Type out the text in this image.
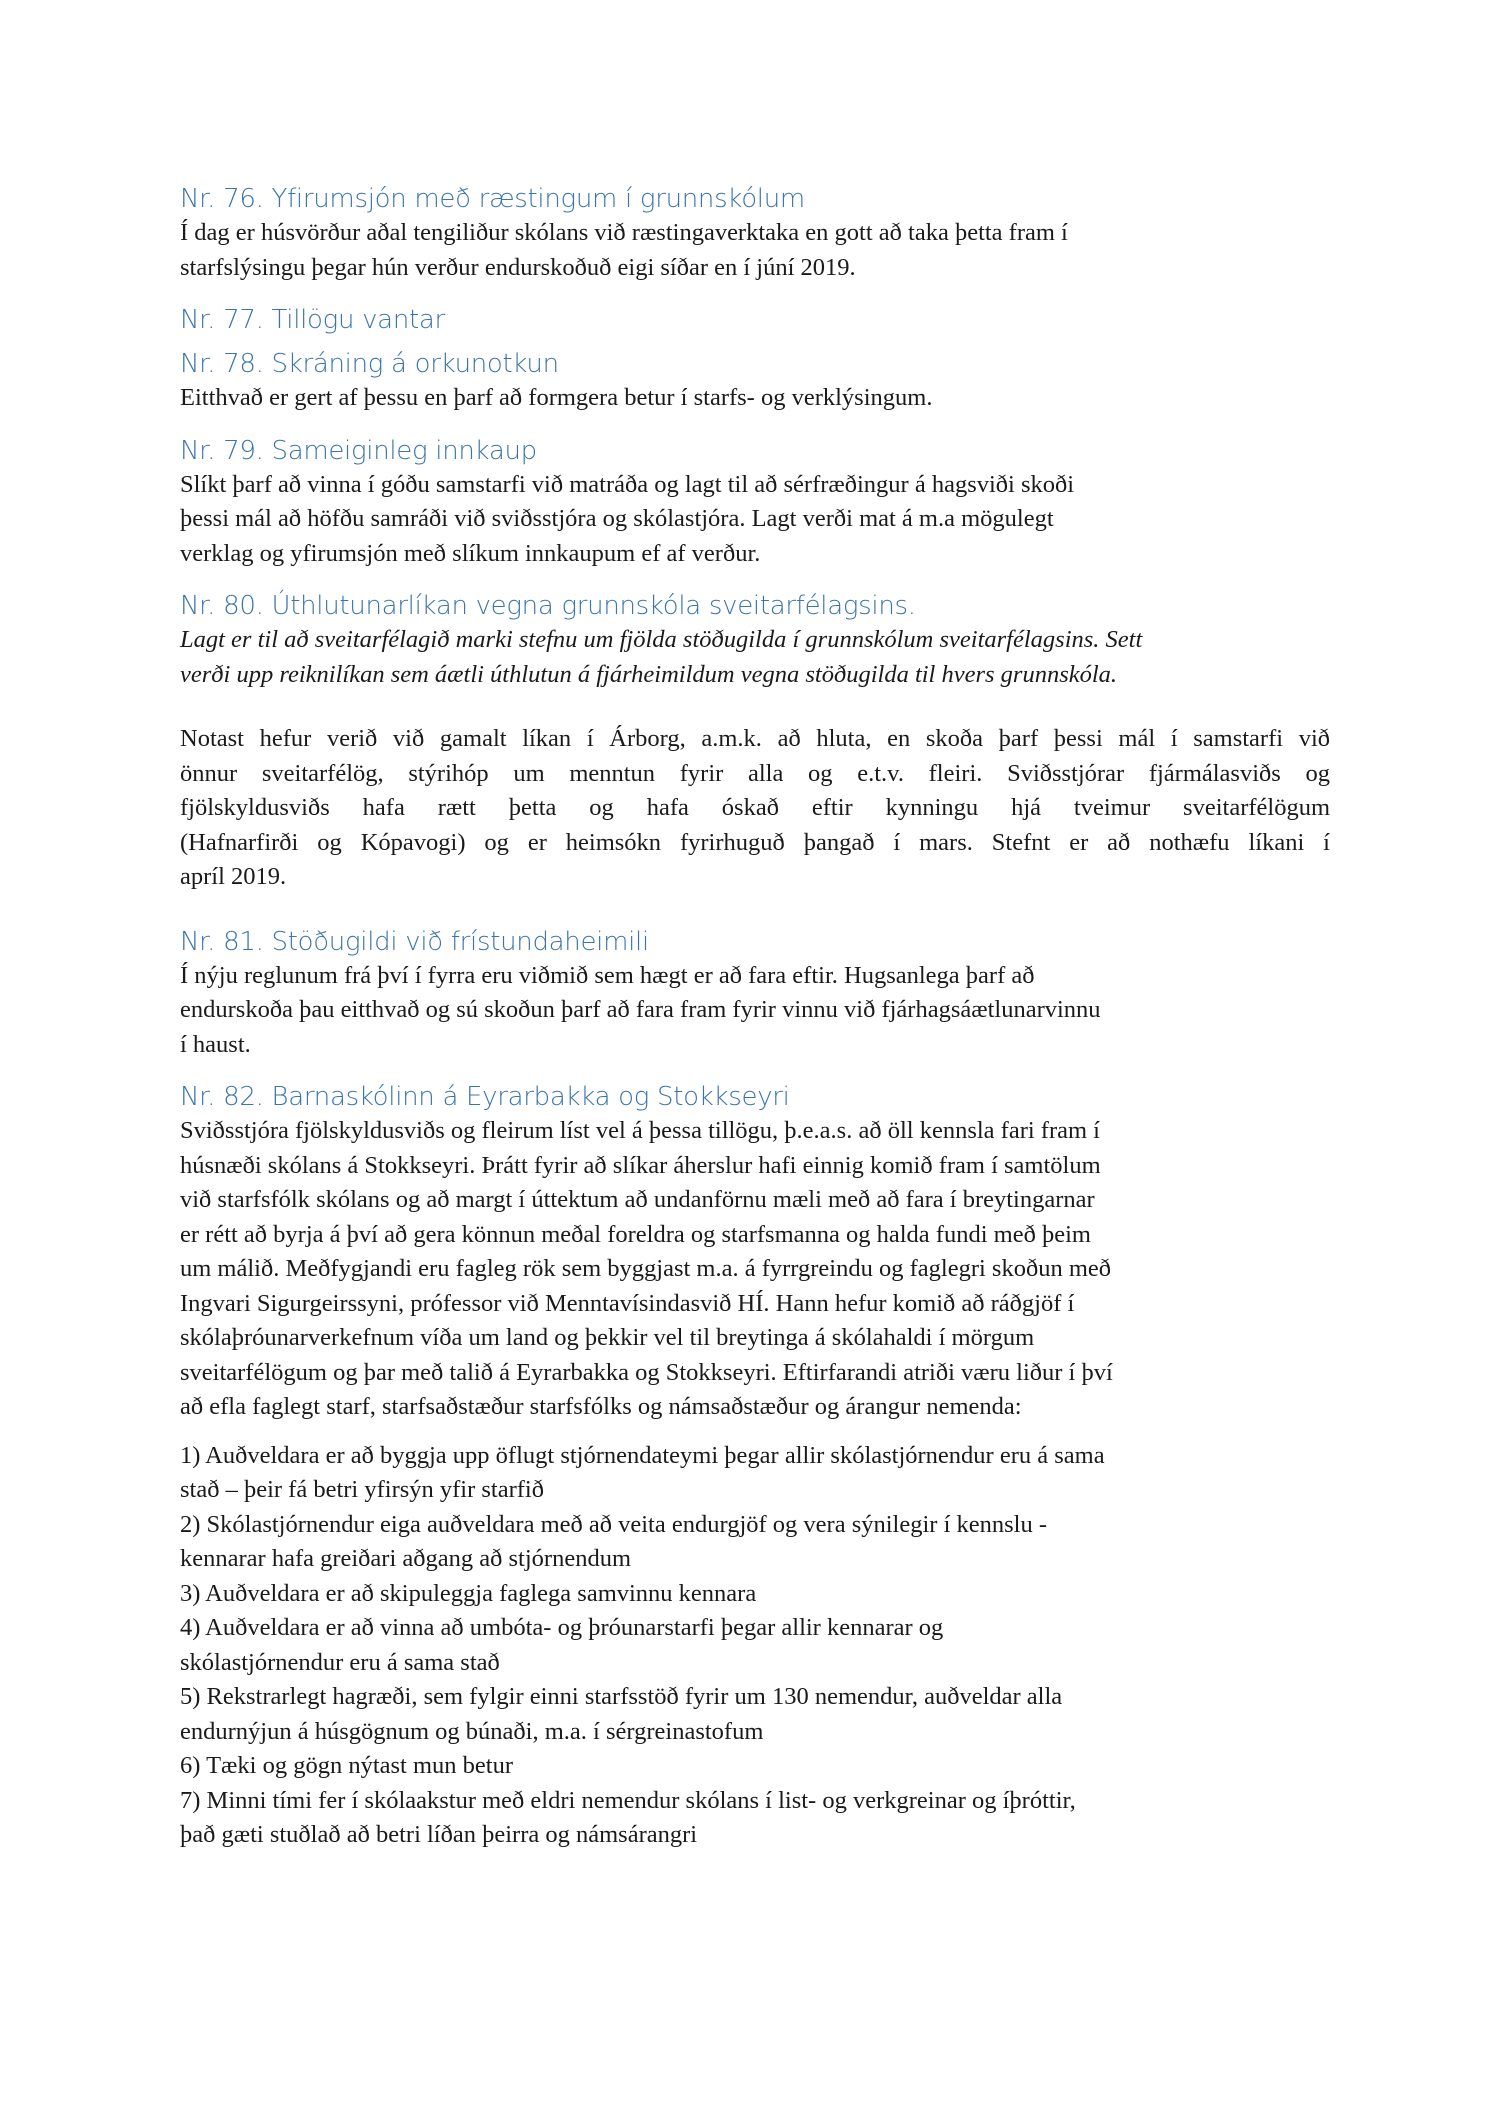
Nr. 76. Yfirumsjón með ræstingum í grunnskólum

Í dag er húsvörður aðal tengiliður skólans við ræstingaverktaka en gott að taka þetta fram í

starfslýsingu þegar hún verður endurskoðuð eigi síðar en í júní 2019.

Nr. 77. Tillögu vantar
Nr. 78. Skráning á orkunotkun

Eitthvað er gert af þessu en þarf að formgera betur í starfs- og verklýsingum.

Nr. 79. Sameiginleg innkaup

Slíkt þarf að vinna í góðu samstarfi við matráða og lagt til að sérfræðingur á hagsviði skoði

þessi mál að höfðu samráði við sviðsstjóra og skólastjóra. Lagt verði mat á m.a mögulegt

verklag og yfirumsjón með slíkum innkaupum ef af verður.

Nr. 80. Úthlutunarlíkan vegna grunnskóla sveitarfélagsins.

Lagt er til að sveitarfélagið marki stefnu um fjölda stöðugilda í grunnskólum sveitarfélagsins. Sett

verði upp reiknilíkan sem áætli úthlutun á fjárheimildum vegna stöðugilda til hvers grunnskóla.

Notast hefur verið við gamalt líkan í Árborg, a.m.k. að hluta, en skoða þarf þessi mál í samstarfi við

önnur sveitarfélög, stýrihóp um menntun fyrir alla og e.t.v. fleiri. Sviðsstjórar fjármálasviðs og

fjölskyldusviðs hafa rætt þetta og hafa óskað eftir kynningu hjá tveimur sveitarfélögum

(Hafnarfirði og Kópavogi) og er heimsókn fyrirhuguð þangað í mars. Stefnt er að nothæfu líkani í

apríl 2019.

Nr. 81. Stöðugildi við frístundaheimili

Í nýju reglunum frá því í fyrra eru viðmið sem hægt er að fara eftir. Hugsanlega þarf að

endurskoða þau eitthvað og sú skoðun þarf að fara fram fyrir vinnu við fjárhagsáætlunarvinnu

í haust.

Nr. 82. Barnaskólinn á Eyrarbakka og Stokkseyri

Sviðsstjóra fjölskyldusviðs og fleirum líst vel á þessa tillögu, þ.e.a.s. að öll kennsla fari fram í

húsnæði skólans á Stokkseyri. Þrátt fyrir að slíkar áherslur hafi einnig komið fram í samtölum

við starfsfólk skólans og að margt í úttektum að undanförnu mæli með að fara í breytingarnar

er rétt að byrja á því að gera könnun meðal foreldra og starfsmanna og halda fundi með þeim

um málið. Meðfygjandi eru fagleg rök sem byggjast m.a. á fyrrgreindu og faglegri skoðun með

Ingvari Sigurgeirssyni, prófessor við Menntavísindasvið HÍ. Hann hefur komið að ráðgjöf í

skólaþróunarverkefnum víða um land og þekkir vel til breytinga á skólahaldi í mörgum

sveitarfélögum og þar með talið á Eyrarbakka og Stokkseyri. Eftirfarandi atriði væru liður í því

að efla faglegt starf, starfsaðstæður starfsfólks og námsaðstæður og árangur nemenda:

1) Auðveldara er að byggja upp öflugt stjórnendateymi þegar allir skólastjórnendur eru á sama

stað – þeir fá betri yfirsýn yfir starfið

2) Skólastjórnendur eiga auðveldara með að veita endurgjöf og vera sýnilegir í kennslu -

kennarar hafa greiðari aðgang að stjórnendum

3) Auðveldara er að skipuleggja faglega samvinnu kennara

4) Auðveldara er að vinna að umbóta- og þróunarstarfi þegar allir kennarar og

skólastjórnendur eru á sama stað

5) Rekstrarlegt hagræði, sem fylgir einni starfsstöð fyrir um 130 nemendur, auðveldar alla

endurnýjun á húsgögnum og búnaði, m.a. í sérgreinastofum

6) Tæki og gögn nýtast mun betur

7) Minni tími fer í skólaakstur með eldri nemendur skólans í list- og verkgreinar og íþróttir,

það gæti stuðlað að betri líðan þeirra og námsárangri
